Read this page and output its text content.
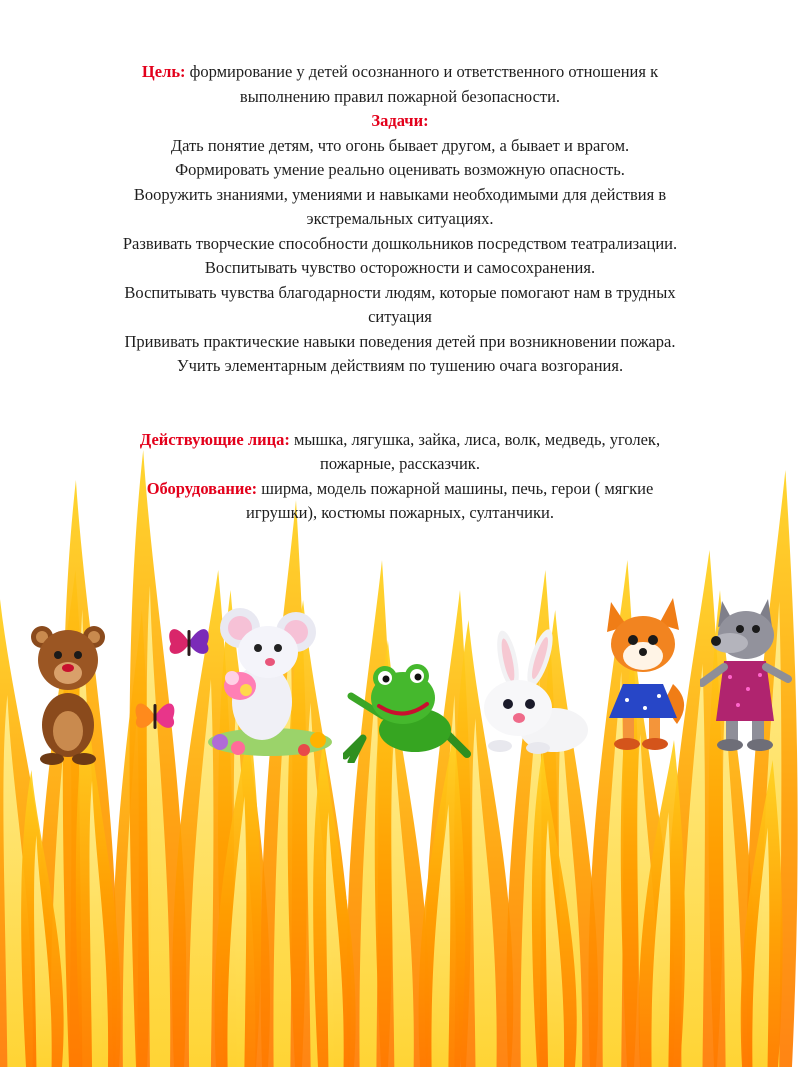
Цель: формирование у детей осознанного и ответственного отношения к
выполнению правил пожарной безопасности.
Задачи:
Дать понятие детям, что огонь бывает другом, а бывает и врагом.
Формировать умение реально оценивать возможную опасность.
Вооружить знаниями, умениями и навыками необходимыми для действия в
экстремальных ситуациях.
Развивать творческие способности дошкольников посредством театрализации.
Воспитывать чувство осторожности и самосохранения.
Воспитывать чувства благодарности людям, которые помогают нам в трудных
ситуация
Прививать практические навыки поведения детей при возникновении пожара.
Учить элементарным действиям по тушению очага возгорания.
Действующие лица: мышка, лягушка, зайка, лиса, волк, медведь, уголек,
пожарные, рассказчик.
Оборудование: ширма, модель пожарной машины, печь, герои ( мягкие
игрушки), костюмы пожарных, султанчики.
